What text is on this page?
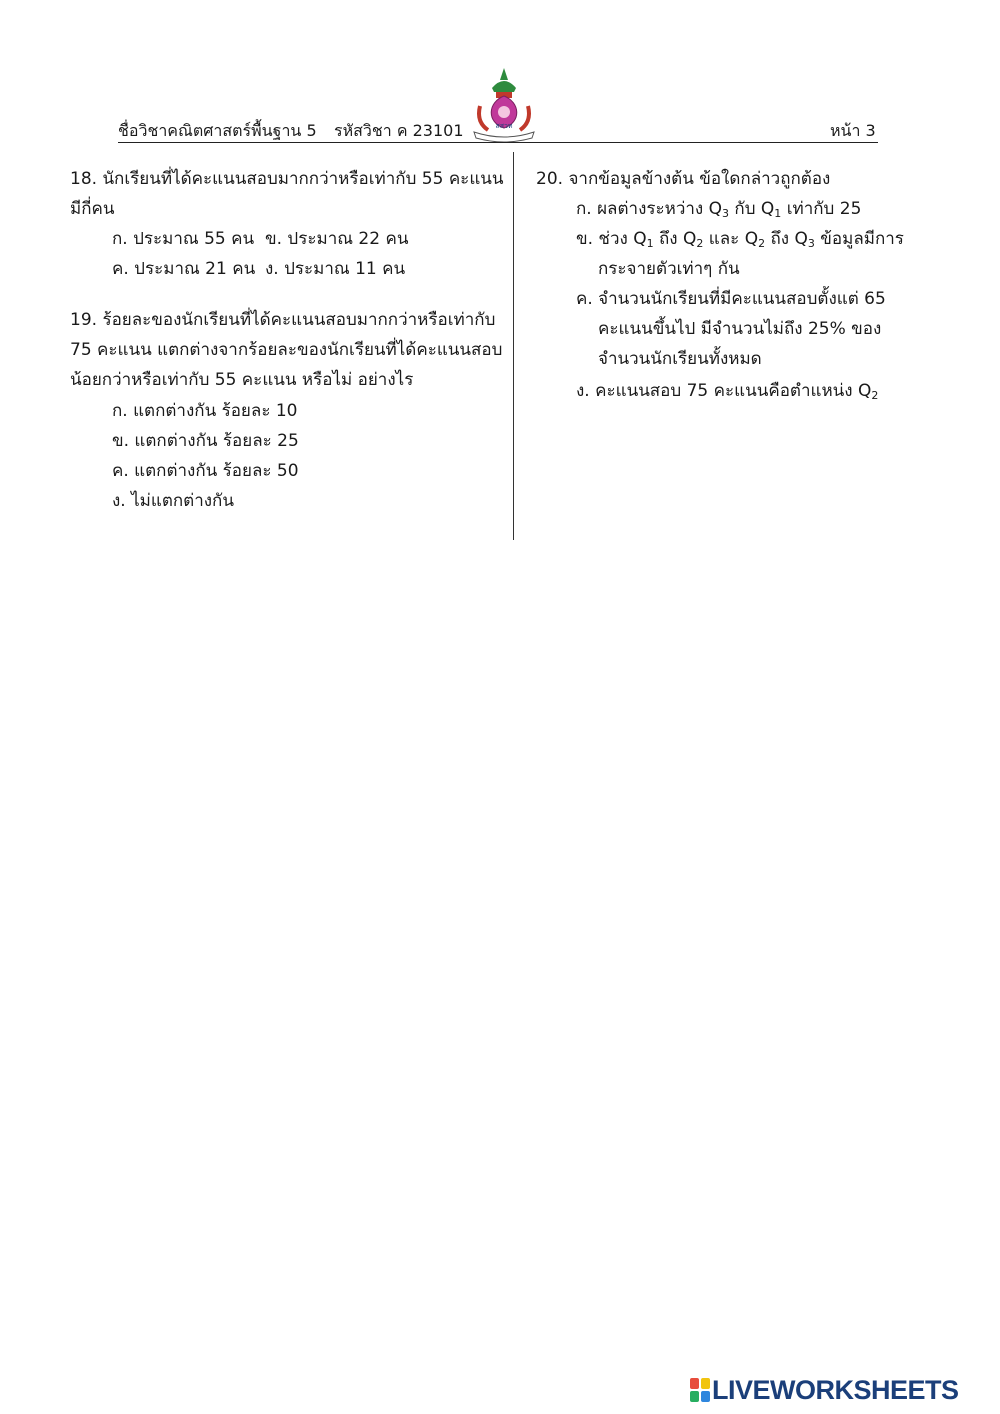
ชื่อวิชาคณิตศาสตร์พื้นฐาน 5 รหัสวิชา ค 23101	หน้า 3
สสวท
18. นักเรียนที่ได้คะแนนสอบมากกว่าหรือเท่ากับ 55 คะแนน
มีกี่คน
ก. ประมาณ 55 คน ข. ประมาณ 22 คน
ค. ประมาณ 21 คน ง. ประมาณ 11 คน
19. ร้อยละของนักเรียนที่ได้คะแนนสอบมากกว่าหรือเท่ากับ
75 คะแนน แตกต่างจากร้อยละของนักเรียนที่ได้คะแนนสอบ
น้อยกว่าหรือเท่ากับ 55 คะแนน หรือไม่ อย่างไร
ก. แตกต่างกัน ร้อยละ 10
ข. แตกต่างกัน ร้อยละ 25
ค. แตกต่างกัน ร้อยละ 50
ง. ไม่แตกต่างกัน
20. จากข้อมูลข้างต้น ข้อใดกล่าวถูกต้อง
ก. ผลต่างระหว่าง $Q_3$ กับ $Q_1$ เท่ากับ 25
ข. ช่วง $Q_1$ ถึง $Q_2$ และ $Q_2$ ถึง $Q_3$ ข้อมูลมีการ
กระจายตัวเท่าๆ กัน
ค. จำนวนนักเรียนที่มีคะแนนสอบตั้งแต่ 65
คะแนนขึ้นไป มีจำนวนไม่ถึง 25% ของ
จำนวนนักเรียนทั้งหมด
ง. คะแนนสอบ 75 คะแนนคือตำแหน่ง $Q_2$
LIVEWORKSHEETS
